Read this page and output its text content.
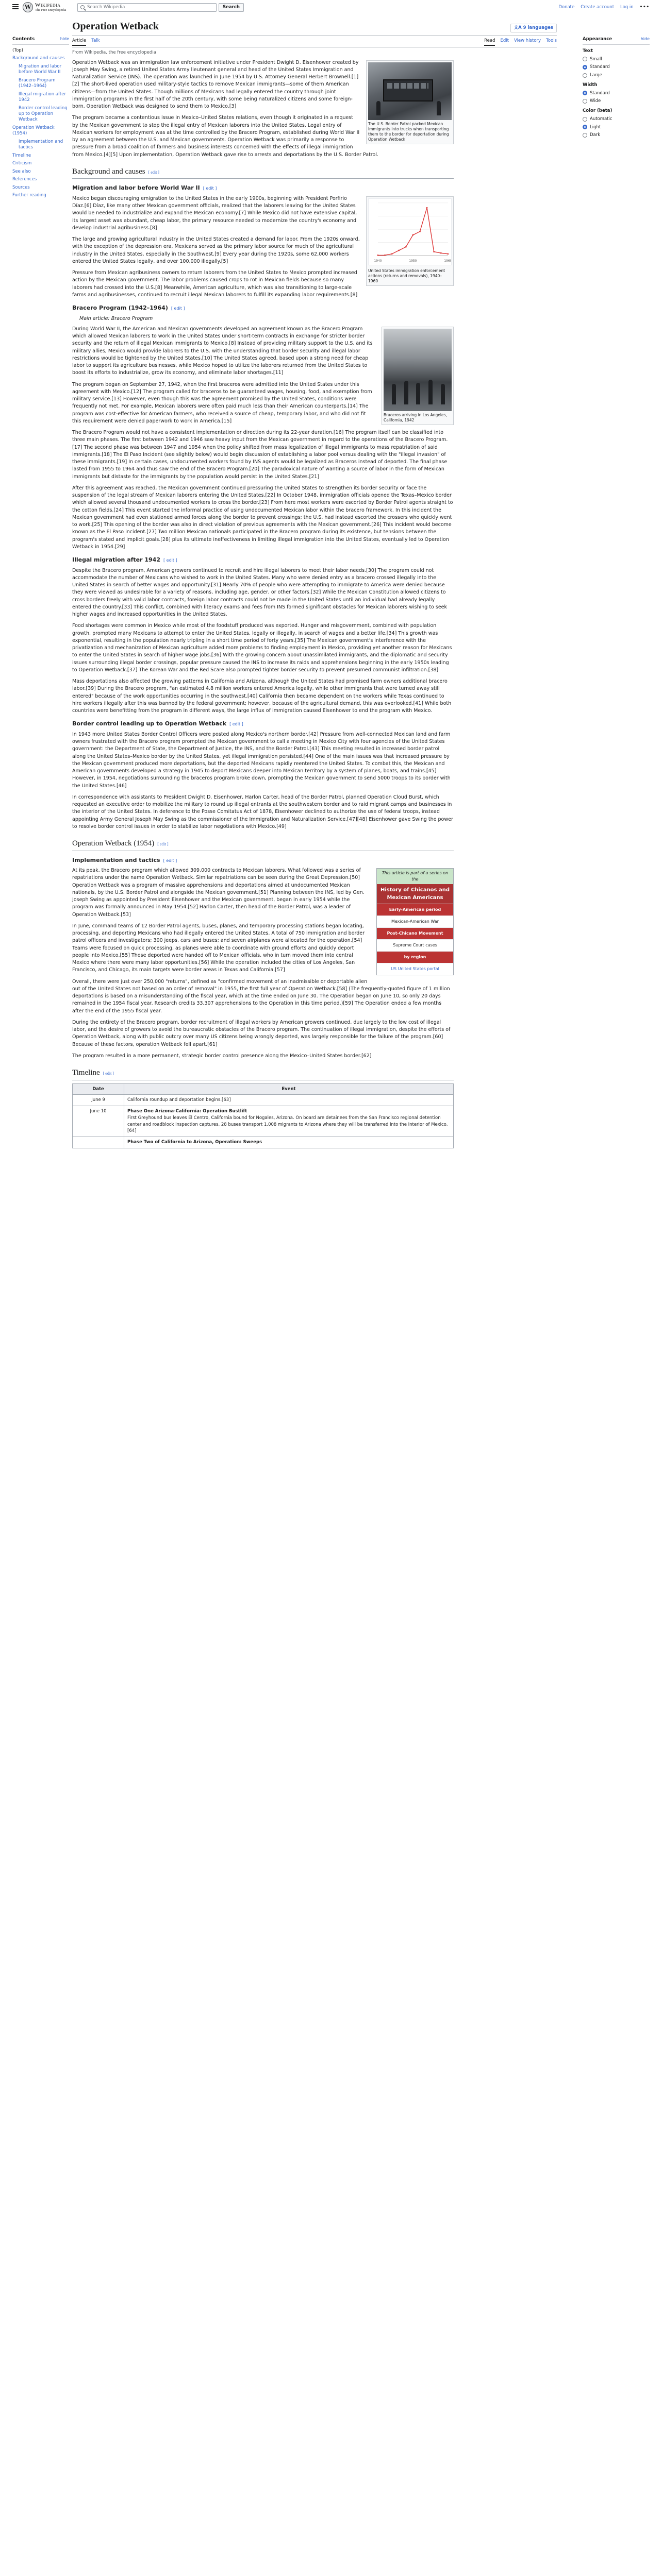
W Wikipedia
The Free Encyclopedia
Search Wikipedia	Search	Donate Create account Log in •••
Contents	hide
(Top)
Background and causes
Migration and labor before World War II
Bracero Program (1942–1964)
Illegal migration after 1942
Border control leading up to Operation Wetback
Operation Wetback (1954)
Implementation and tactics
Timeline
Criticism
See also
References
Sources
Further reading
Operation Wetback	文A 9 languages
Article Talk	Read Edit View history Tools
From Wikipedia, the free encyclopedia
The U.S. Border Patrol packed Mexican immigrants into trucks when transporting them to the border for deportation during Operation Wetback

Operation Wetback was an immigration law enforcement initiative under President Dwight D. Eisenhower created by Joseph May Swing, a retired United States Army lieutenant general and head of the United States Immigration and Naturalization Service (INS). The operation was launched in June 1954 by U.S. Attorney General Herbert Brownell.[1][2] The short-lived operation used military-style tactics to remove Mexican immigrants—some of them American citizens—from the United States. Though millions of Mexicans had legally entered the country through joint immigration programs in the first half of the 20th century, with some being naturalized citizens and some foreign-born, Operation Wetback was designed to send them to Mexico.[3]

The program became a contentious issue in Mexico–United States relations, even though it originated in a request by the Mexican government to stop the illegal entry of Mexican laborers into the United States. Legal entry of Mexican workers for employment was at the time controlled by the Bracero Program, established during World War II by an agreement between the U.S. and Mexican governments. Operation Wetback was primarily a response to pressure from a broad coalition of farmers and business interests concerned with the effects of illegal immigration from Mexico.[4][5] Upon implementation, Operation Wetback gave rise to arrests and deportations by the U.S. Border Patrol.

Background and causes [ edit ]
Migration and labor before World War II [ edit ]
1940	1950	1960
United States immigration enforcement actions (returns and removals), 1940–1960

Mexico began discouraging emigration to the United States in the early 1900s, beginning with President Porfirio Díaz.[6] Díaz, like many other Mexican government officials, realized that the laborers leaving for the United States would be needed to industrialize and expand the Mexican economy.[7] While Mexico did not have extensive capital, its largest asset was abundant, cheap labor, the primary resource needed to modernize the country's economy and develop industrial agribusiness.[8]

The large and growing agricultural industry in the United States created a demand for labor. From the 1920s onward, with the exception of the depression era, Mexicans served as the primary labor source for much of the agricultural industry in the United States, especially in the Southwest.[9] Every year during the 1920s, some 62,000 workers entered the United States legally, and over 100,000 illegally.[5]

Pressure from Mexican agribusiness owners to return laborers from the United States to Mexico prompted increased action by the Mexican government. The labor problems caused crops to rot in Mexican fields because so many laborers had crossed into the U.S.[8] Meanwhile, American agriculture, which was also transitioning to large-scale farms and agribusinesses, continued to recruit illegal Mexican laborers to fulfill its expanding labor requirements.[8]

Bracero Program (1942–1964) [ edit ]
Main article: Bracero Program
Braceros arriving in Los Angeles, California, 1942

During World War II, the American and Mexican governments developed an agreement known as the Bracero Program which allowed Mexican laborers to work in the United States under short-term contracts in exchange for stricter border security and the return of illegal Mexican immigrants to Mexico.[8] Instead of providing military support to the U.S. and its military allies, Mexico would provide laborers to the U.S. with the understanding that border security and illegal labor restrictions would be tightened by the United States.[10] The United States agreed, based upon a strong need for cheap labor to support its agriculture businesses, while Mexico hoped to utilize the laborers returned from the United States to boost its efforts to industrialize, grow its economy, and eliminate labor shortages.[11]

The program began on September 27, 1942, when the first braceros were admitted into the United States under this agreement with Mexico.[12] The program called for braceros to be guaranteed wages, housing, food, and exemption from military service.[13] However, even though this was the agreement promised by the United States, conditions were frequently not met. For example, Mexican laborers were often paid much less than their American counterparts.[14] The program was cost-effective for American farmers, who received a source of cheap, temporary labor, and who did not fit this requirement were denied paperwork to work in America.[15]

The Bracero Program would not have a consistent implementation or direction during its 22-year duration.[16] The program itself can be classified into three main phases. The first between 1942 and 1946 saw heavy input from the Mexican government in regard to the operations of the Bracero Program.[17] The second phase was between 1947 and 1954 when the policy shifted from mass legalization of illegal immigrants to mass repatriation of said immigrants.[18] The El Paso Incident (see slightly below) would begin discussion of establishing a labor pool versus dealing with the "illegal invasion" of these immigrants.[19] In certain cases, undocumented workers found by INS agents would be legalized as Braceros instead of deported. The final phase lasted from 1955 to 1964 and thus saw the end of the Bracero Program.[20] The paradoxical nature of wanting a source of labor in the form of Mexican immigrants but distaste for the immigrants by the population would persist in the United States.[21]

After this agreement was reached, the Mexican government continued pressuring the United States to strengthen its border security or face the suspension of the legal stream of Mexican laborers entering the United States.[22] In October 1948, immigration officials opened the Texas–Mexico border which allowed several thousand undocumented workers to cross the border.[23] From here most workers were escorted by Border Patrol agents straight to the cotton fields.[24] This event started the informal practice of using undocumented Mexican labor within the bracero framework. In this incident the Mexican government had even stationed armed forces along the border to prevent crossings; the U.S. had instead escorted the crossers who quickly went to work.[25] This opening of the border was also in direct violation of previous agreements with the Mexican government.[26] This incident would become known as the El Paso incident.[27] Two million Mexican nationals participated in the Bracero program during its existence, but tensions between the program's stated and implicit goals.[28] plus its ultimate ineffectiveness in limiting illegal immigration into the United States, eventually led to Operation Wetback in 1954.[29]

Illegal migration after 1942 [ edit ]

Despite the Bracero program, American growers continued to recruit and hire illegal laborers to meet their labor needs.[30] The program could not accommodate the number of Mexicans who wished to work in the United States. Many who were denied entry as a bracero crossed illegally into the United States in search of better wages and opportunity.[31] Nearly 70% of people who were attempting to immigrate to America were denied because they were viewed as undesirable for a variety of reasons, including age, gender, or other factors.[32] While the Mexican Constitution allowed citizens to cross borders freely with valid labor contracts, foreign labor contracts could not be made in the United States until an individual had already legally entered the country.[33] This conflict, combined with literacy exams and fees from INS formed significant obstacles for Mexican laborers wishing to seek higher wages and increased opportunities in the United States.

Food shortages were common in Mexico while most of the foodstuff produced was exported. Hunger and misgovernment, combined with population growth, prompted many Mexicans to attempt to enter the United States, legally or illegally, in search of wages and a better life.[34] This growth was exponential, resulting in the population nearly tripling in a short time period of forty years.[35] The Mexican government's interference with the privatization and mechanization of Mexican agriculture added more problems to finding employment in Mexico, providing yet another reason for Mexicans to enter the United States in search of higher wage jobs.[36] With the growing concern about unassimilated immigrants, and the diplomatic and security issues surrounding illegal border crossings, popular pressure caused the INS to increase its raids and apprehensions beginning in the early 1950s leading to Operation Wetback.[37] The Korean War and the Red Scare also prompted tighter border security to prevent presumed communist infiltration.[38]

Mass deportations also affected the growing patterns in California and Arizona, although the United States had promised farm owners additional bracero labor.[39] During the Bracero program, "an estimated 4.8 million workers entered America legally, while other immigrants that were turned away still entered" because of the work opportunities occurring in the southwest.[40] California then became dependent on the workers while Texas continued to hire workers illegally after this was banned by the federal government; however, because of the agricultural demand, this was overlooked.[41] While both countries were benefitting from the program in different ways, the large influx of immigration caused Eisenhower to end the program with Mexico.

Border control leading up to Operation Wetback [ edit ]

In 1943 more United States Border Control Officers were posted along Mexico's northern border.[42] Pressure from well-connected Mexican land and farm owners frustrated with the Bracero program prompted the Mexican government to call a meeting in Mexico City with four agencies of the United States government: the Department of State, the Department of Justice, the INS, and the Border Patrol.[43] This meeting resulted in increased border patrol along the United States–Mexico border by the United States, yet illegal immigration persisted.[44] One of the main issues was that increased pressure by the Mexican government produced more deportations, but the deported Mexicans rapidly reentered the United States. To combat this, the Mexican and American governments developed a strategy in 1945 to deport Mexicans deeper into Mexican territory by a system of planes, boats, and trains.[45] However, in 1954, negotiations surrounding the braceros program broke down, prompting the Mexican government to send 5000 troops to its border with the United States.[46]

In correspondence with assistants to President Dwight D. Eisenhower, Harlon Carter, head of the Border Patrol, planned Operation Cloud Burst, which requested an executive order to mobilize the military to round up illegal entrants at the southwestern border and to raid migrant camps and businesses in the interior of the United States. In deference to the Posse Comitatus Act of 1878, Eisenhower declined to authorize the use of federal troops, instead appointing Army General Joseph May Swing as the commissioner of the Immigration and Naturalization Service.[47][48] Eisenhower gave Swing the power to resolve border control issues in order to stabilize labor negotiations with Mexico.[49]

Operation Wetback (1954) [ edit ]
Implementation and tactics [ edit ]
This article is part of a series on the
History of Chicanos and Mexican Americans
Early-American period
Mexican-American War
Post-Chicano Movement
Supreme Court cases
by region
US United States portal

At its peak, the Bracero program which allowed 309,000 contracts to Mexican laborers. What followed was a series of repatriations under the name Operation Wetback. Similar repatriations can be seen during the Great Depression.[50] Operation Wetback was a program of massive apprehensions and deportations aimed at undocumented Mexican nationals, by the U.S. Border Patrol and alongside the Mexican government.[51] Planning between the INS, led by Gen. Joseph Swing as appointed by President Eisenhower and the Mexican government, began in early 1954 while the program was formally announced in May 1954.[52] Harlon Carter, then head of the Border Patrol, was a leader of Operation Wetback.[53]

In June, command teams of 12 Border Patrol agents, buses, planes, and temporary processing stations began locating, processing, and deporting Mexicans who had illegally entered the United States. A total of 750 immigration and border patrol officers and investigators; 300 jeeps, cars and buses; and seven airplanes were allocated for the operation.[54] Teams were focused on quick processing, as planes were able to coordinate with ground efforts and quickly deport people into Mexico.[55] Those deported were handed off to Mexican officials, who in turn moved them into central Mexico where there were many labor opportunities.[56] While the operation included the cities of Los Angeles, San Francisco, and Chicago, its main targets were border areas in Texas and California.[57]

Overall, there were just over 250,000 "returns", defined as "confirmed movement of an inadmissible or deportable alien out of the United States not based on an order of removal" in 1955, the first full year of Operation Wetback.[58] (The frequently-quoted figure of 1 million deportations is based on a misunderstanding of the fiscal year, which at the time ended on June 30. The Operation began on June 10, so only 20 days remained in the 1954 fiscal year. Research credits 33,307 apprehensions to the Operation in this time period.)[59] The Operation ended a few months after the end of the 1955 fiscal year.

During the entirety of the Bracero program, border recruitment of illegal workers by American growers continued, due largely to the low cost of illegal labor, and the desire of growers to avoid the bureaucratic obstacles of the Bracero program. The continuation of illegal immigration, despite the efforts of Operation Wetback, along with public outcry over many US citizens being wrongly deported, was largely responsible for the failure of the program.[60] Because of these factors, operation Wetback fell apart.[61]

The program resulted in a more permanent, strategic border control presence along the Mexico–United States border.[62]

Timeline [ edit ]
Date	Event
June 9	California roundup and deportation begins.[63]
June 10	Phase One Arizona-California: Operation Bustlift
First Greyhound bus leaves El Centro, California bound for Nogales, Arizona. On board are detainees from the San Francisco regional detention center and roadblock inspection captures. 28 buses transport 1,008 migrants to Arizona where they will be transferred into the interior of Mexico.[64]

	Phase Two of California to Arizona, Operation: Sweeps
Appearance	hide
Text
Small
Standard
Large
Width
Standard
Wide
Color (beta)
Automatic
Light
Dark
